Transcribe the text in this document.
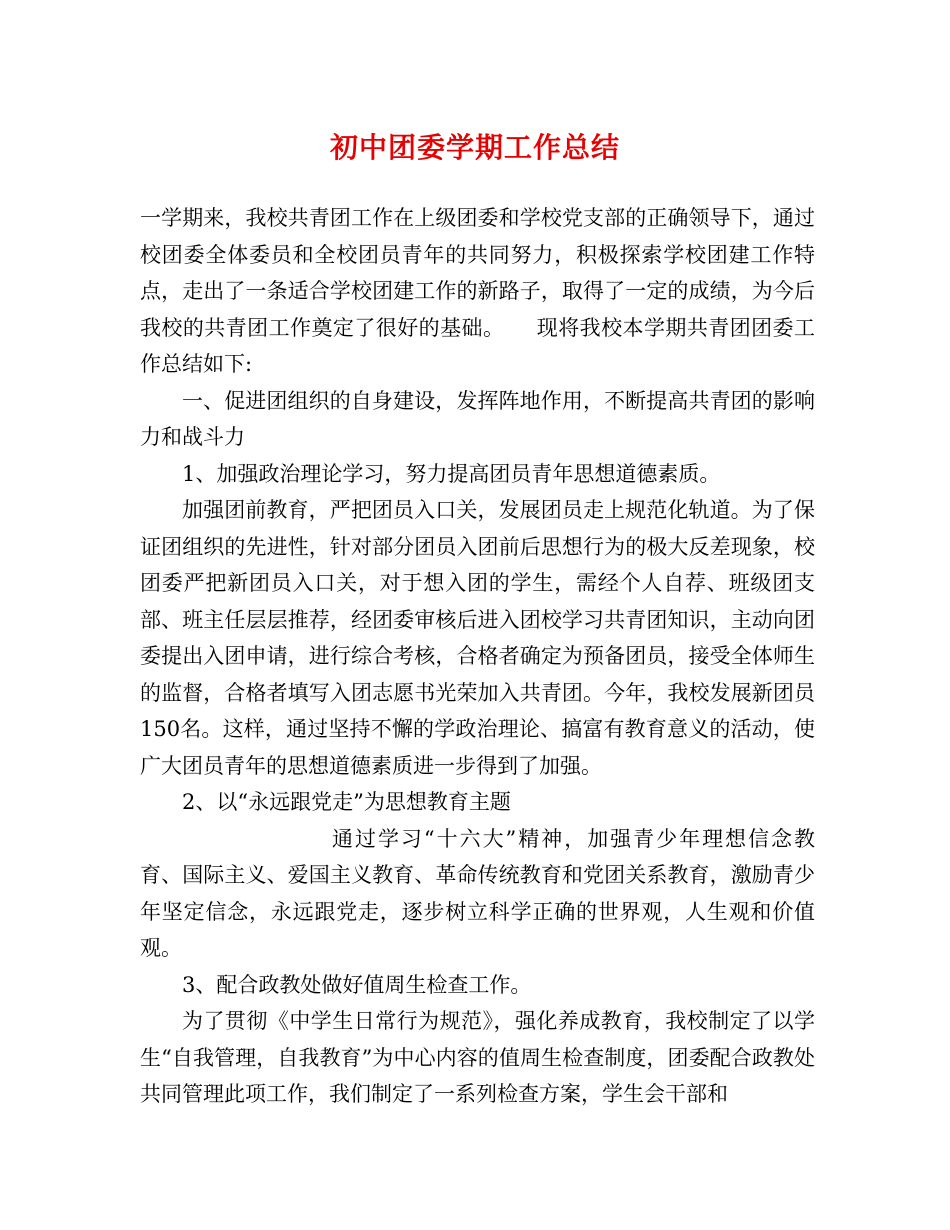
初中团委学期工作总结

一学期来，我校共青团工作在上级团委和学校党支部的正确领导下，通过校团委全体委员和全校团员青年的共同努力，积极探索学校团建工作特点，走出了一条适合学校团建工作的新路子，取得了一定的成绩，为今后我校的共青团工作奠定了很好的基础。　　现将我校本学期共青团团委工作总结如下:

一、促进团组织的自身建设，发挥阵地作用，不断提高共青团的影响力和战斗力

1、加强政治理论学习，努力提高团员青年思想道德素质。

加强团前教育，严把团员入口关，发展团员走上规范化轨道。为了保证团组织的先进性，针对部分团员入团前后思想行为的极大反差现象，校团委严把新团员入口关，对于想入团的学生，需经个人自荐、班级团支部、班主任层层推荐，经团委审核后进入团校学习共青团知识，主动向团委提出入团申请，进行综合考核，合格者确定为预备团员，接受全体师生的监督，合格者填写入团志愿书光荣加入共青团。今年，我校发展新团员150名。这样，通过坚持不懈的学政治理论、搞富有教育意义的活动，使广大团员青年的思想道德素质进一步得到了加强。

2、以“永远跟党走”为思想教育主题

通过学习“十六大”精神，加强青少年理想信念教育、国际主义、爱国主义教育、革命传统教育和党团关系教育，激励青少年坚定信念，永远跟党走，逐步树立科学正确的世界观，人生观和价值观。

3、配合政教处做好值周生检查工作。

为了贯彻《中学生日常行为规范》，强化养成教育，我校制定了以学生“自我管理，自我教育”为中心内容的值周生检查制度，团委配合政教处共同管理此项工作，我们制定了一系列检查方案，学生会干部和
